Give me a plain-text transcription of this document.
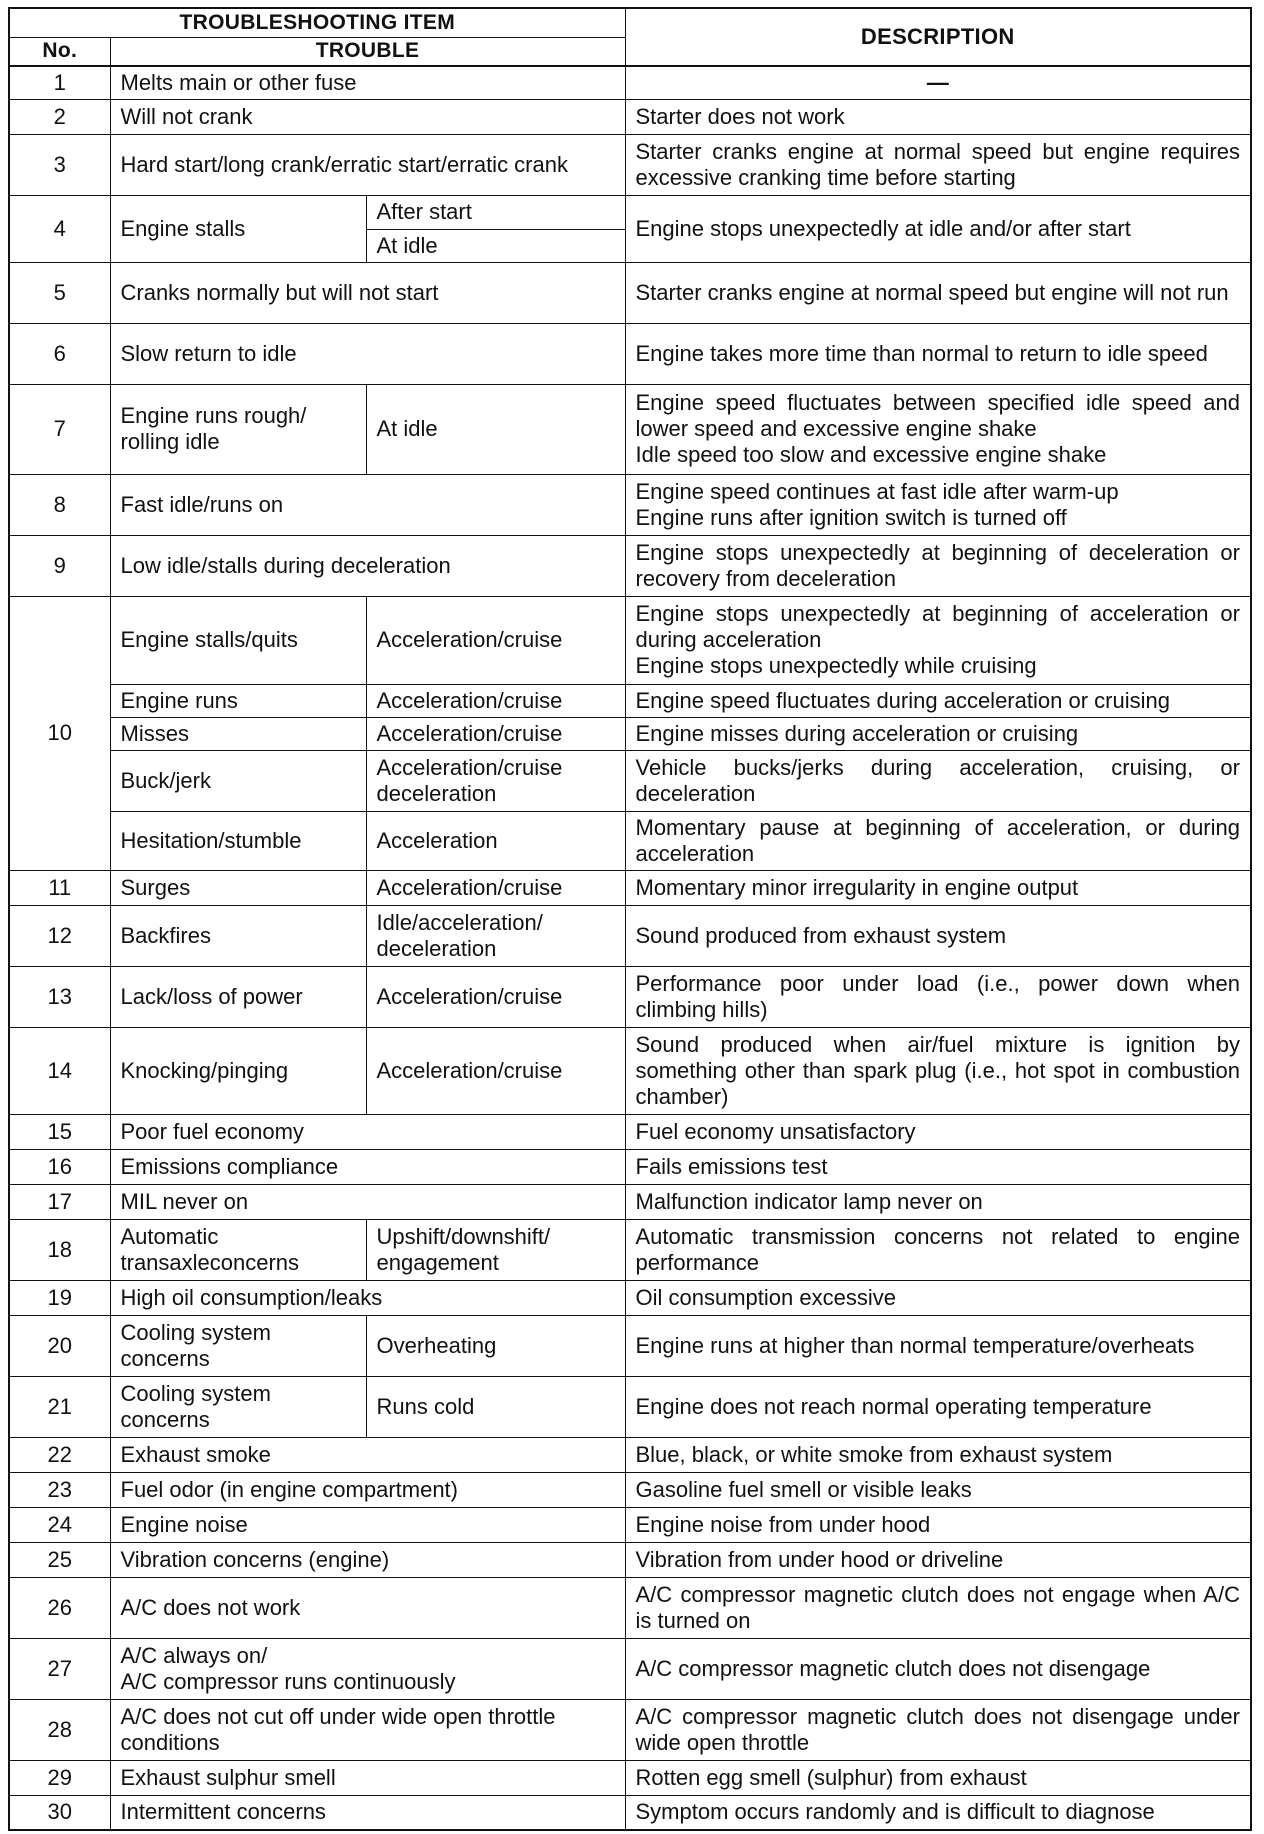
TROUBLESHOOTING ITEM			DESCRIPTION
No.	TROUBLE		
1	Melts main or other fuse		—

2	Will not crank		Starter does not work
3	Hard start/long crank/erratic start/erratic crank		Starter cranks engine at normal speed but engine requires excessive cranking time before starting
4	Engine stalls	After start	Engine stops unexpectedly at idle and/or after start
		At idle	
5	Cranks normally but will not start		Starter cranks engine at normal speed but engine will not run
6	Slow return to idle		Engine takes more time than normal to return to idle speed
7	Engine runs rough/ rolling idle	At idle	Engine speed fluctuates between specified idle speed and lower speed and excessive engine shake
Idle speed too slow and excessive engine shake

8	Fast idle/runs on		Engine speed continues at fast idle after warm-up
Engine runs after ignition switch is turned off

9	Low idle/stalls during deceleration		Engine stops unexpectedly at beginning of deceleration or recovery from deceleration
10	Engine stalls/quits	Acceleration/cruise	Engine stops unexpectedly at beginning of acceleration or during acceleration
Engine stops unexpectedly while cruising

	Engine runs	Acceleration/cruise	Engine speed fluctuates during acceleration or cruising
	Misses	Acceleration/cruise	Engine misses during acceleration or cruising
	Buck/jerk	Acceleration/cruise deceleration	Vehicle bucks/jerks during acceleration, cruising, or deceleration
	Hesitation/stumble	Acceleration	Momentary pause at beginning of acceleration, or during acceleration
11	Surges	Acceleration/cruise	Momentary minor irregularity in engine output
12	Backfires	Idle/acceleration/ deceleration	Sound produced from exhaust system
13	Lack/loss of power	Acceleration/cruise	Performance poor under load (i.e., power down when climbing hills)
14	Knocking/pinging	Acceleration/cruise	Sound produced when air/fuel mixture is ignition by something other than spark plug (i.e., hot spot in combustion chamber)
15	Poor fuel economy		Fuel economy unsatisfactory
16	Emissions compliance		Fails emissions test
17	MIL never on		Malfunction indicator lamp never on
18	Automatic transaxleconcerns	Upshift/downshift/ engagement	Automatic transmission concerns not related to engine performance
19	High oil consumption/leaks		Oil consumption excessive
20	Cooling system concerns	Overheating	Engine runs at higher than normal temperature/overheats
21	Cooling system concerns	Runs cold	Engine does not reach normal operating temperature
22	Exhaust smoke		Blue, black, or white smoke from exhaust system
23	Fuel odor (in engine compartment)		Gasoline fuel smell or visible leaks
24	Engine noise		Engine noise from under hood
25	Vibration concerns (engine)		Vibration from under hood or driveline
26	A/C does not work		A/C compressor magnetic clutch does not engage when A/C is turned on
27	A/C always on/
A/C compressor runs continuously		A/C compressor magnetic clutch does not disengage
28	A/C does not cut off under wide open throttle conditions		A/C compressor magnetic clutch does not disengage under wide open throttle
29	Exhaust sulphur smell		Rotten egg smell (sulphur) from exhaust
30	Intermittent concerns		Symptom occurs randomly and is difficult to diagnose
